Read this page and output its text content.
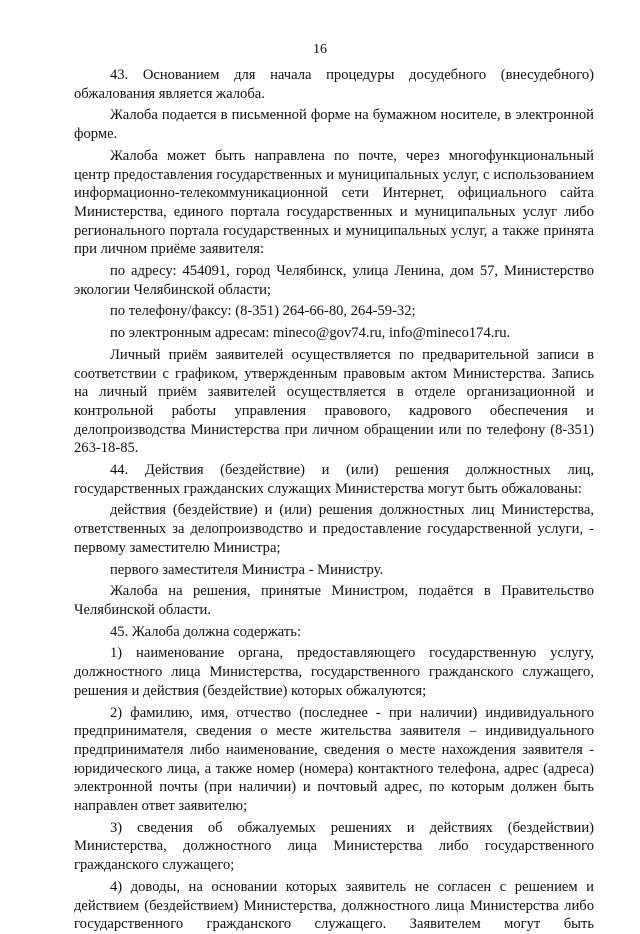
16

43. Основанием для начала процедуры досудебного (внесудебного) обжалования является жалоба.

Жалоба подается в письменной форме на бумажном носителе, в электронной форме.

Жалоба может быть направлена по почте, через многофункциональный центр предоставления государственных и муниципальных услуг, с использованием информационно-телекоммуникационной сети Интернет, официального сайта Министерства, единого портала государственных и муниципальных услуг либо регионального портала государственных и муниципальных услуг, а также принята при личном приёме заявителя:

по адресу: 454091, город Челябинск, улица Ленина, дом 57, Министерство экологии Челябинской области;

по телефону/факсу: (8-351) 264-66-80, 264-59-32;

по электронным адресам: mineco@gov74.ru, info@mineco174.ru.

Личный приём заявителей осуществляется по предварительной записи в соответствии с графиком, утвержденным правовым актом Министерства. Запись на личный приём заявителей осуществляется в отделе организационной и контрольной работы управления правового, кадрового обеспечения и делопроизводства Министерства при личном обращении или по телефону (8-351) 263-18-85.

44. Действия (бездействие) и (или) решения должностных лиц, государственных гражданских служащих Министерства могут быть обжалованы:

действия (бездействие) и (или) решения должностных лиц Министерства, ответственных за делопроизводство и предоставление государственной услуги, - первому заместителю Министра;

первого заместителя Министра - Министру.

Жалоба на решения, принятые Министром, подаётся в Правительство Челябинской области.

45. Жалоба должна содержать:

1) наименование органа, предоставляющего государственную услугу, должностного лица Министерства, государственного гражданского служащего, решения и действия (бездействие) которых обжалуются;

2) фамилию, имя, отчество (последнее - при наличии) индивидуального предпринимателя, сведения о месте жительства заявителя – индивидуального предпринимателя либо наименование, сведения о месте нахождения заявителя - юридического лица, а также номер (номера) контактного телефона, адрес (адреса) электронной почты (при наличии) и почтовый адрес, по которым должен быть направлен ответ заявителю;

3) сведения об обжалуемых решениях и действиях (бездействии) Министерства, должностного лица Министерства либо государственного гражданского служащего;

4) доводы, на основании которых заявитель не согласен с решением и действием (бездействием) Министерства, должностного лица Министерства либо государственного гражданского служащего. Заявителем могут быть
